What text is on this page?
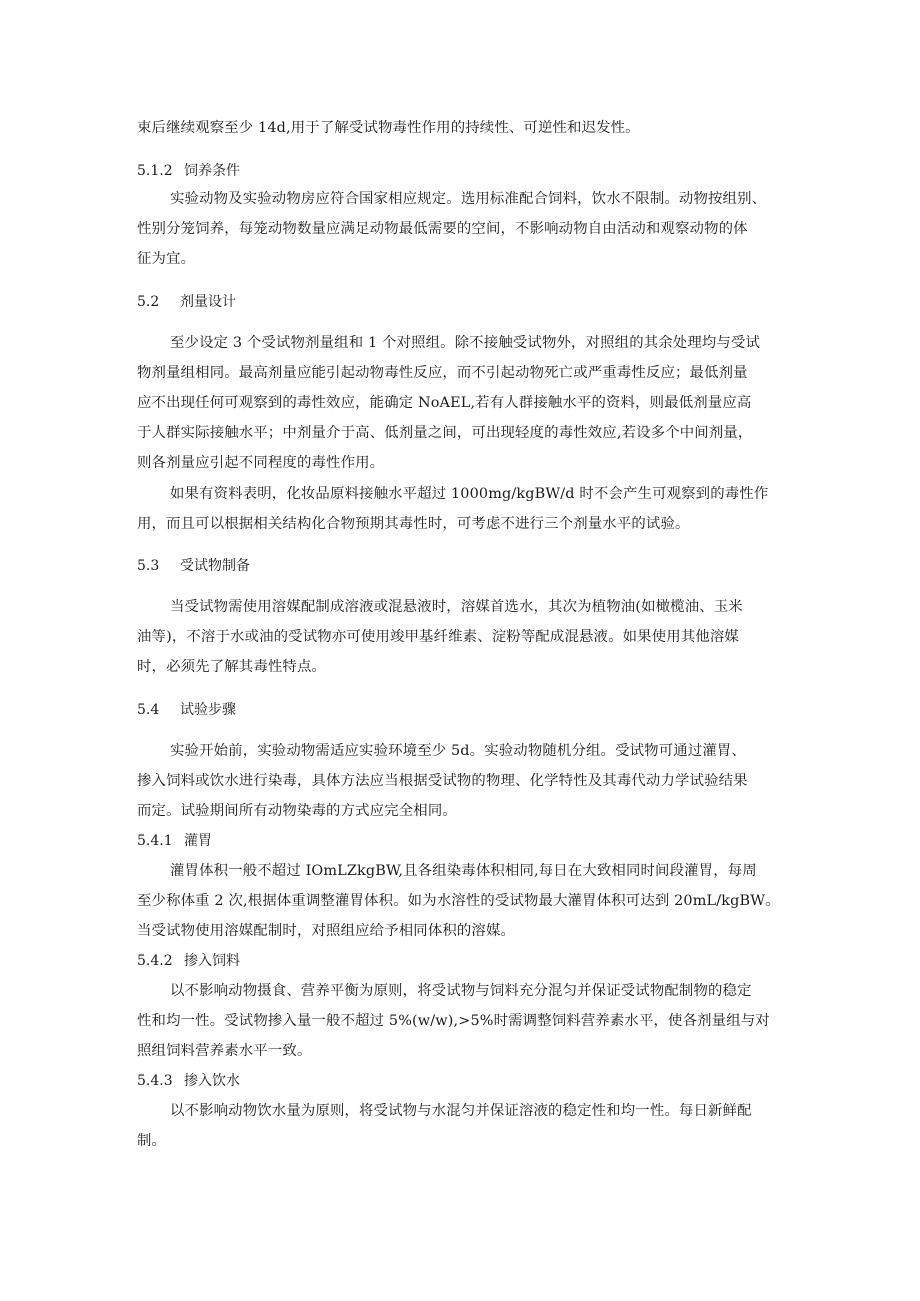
束后继续观察至少 14d,用于了解受试物毒性作用的持续性、可逆性和迟发性。
5.1.2 饲养条件
实验动物及实验动物房应符合国家相应规定。选用标准配合饲料，饮水不限制。动物按组别、
性别分笼饲养，每笼动物数量应满足动物最低需要的空间，不影响动物自由活动和观察动物的体
征为宜。
5.2 剂量设计
至少设定 3 个受试物剂量组和 1 个对照组。除不接触受试物外，对照组的其余处理均与受试
物剂量组相同。最高剂量应能引起动物毒性反应，而不引起动物死亡或严重毒性反应；最低剂量
应不出现任何可观察到的毒性效应，能确定 NoAEL,若有人群接触水平的资料，则最低剂量应高
于人群实际接触水平；中剂量介于高、低剂量之间，可出现轻度的毒性效应,若设多个中间剂量，
则各剂量应引起不同程度的毒性作用。
如果有资料表明，化妆品原料接触水平超过 1000mg/kgBW/d 时不会产生可观察到的毒性作
用，而且可以根据相关结构化合物预期其毒性时，可考虑不进行三个剂量水平的试验。
5.3 受试物制备
当受试物需使用溶媒配制成溶液或混悬液时，溶媒首选水，其次为植物油(如橄榄油、玉米
油等)，不溶于水或油的受试物亦可使用竣甲基纤维素、淀粉等配成混悬液。如果使用其他溶媒
时，必须先了解其毒性特点。
5.4 试验步骤
实验开始前，实验动物需适应实验环境至少 5d。实验动物随机分组。受试物可通过灌胃、
掺入饲料或饮水进行染毒，具体方法应当根据受试物的物理、化学特性及其毒代动力学试验结果
而定。试验期间所有动物染毒的方式应完全相同。
5.4.1 灌胃
灌胃体积一般不超过 IOmLZkgBW,且各组染毒体积相同,每日在大致相同时间段灌胃，每周
至少称体重 2 次,根据体重调整灌胃体积。如为水溶性的受试物最大灌胃体积可达到 20mL/kgBW。
当受试物使用溶媒配制时，对照组应给予相同体积的溶媒。
5.4.2 掺入饲料
以不影响动物摄食、营养平衡为原则，将受试物与饲料充分混匀并保证受试物配制物的稳定
性和均一性。受试物掺入量一般不超过 5%(w/w),>5%时需调整饲料营养素水平，使各剂量组与对
照组饲料营养素水平一致。
5.4.3 掺入饮水
以不影响动物饮水量为原则，将受试物与水混匀并保证溶液的稳定性和均一性。每日新鲜配
制。
